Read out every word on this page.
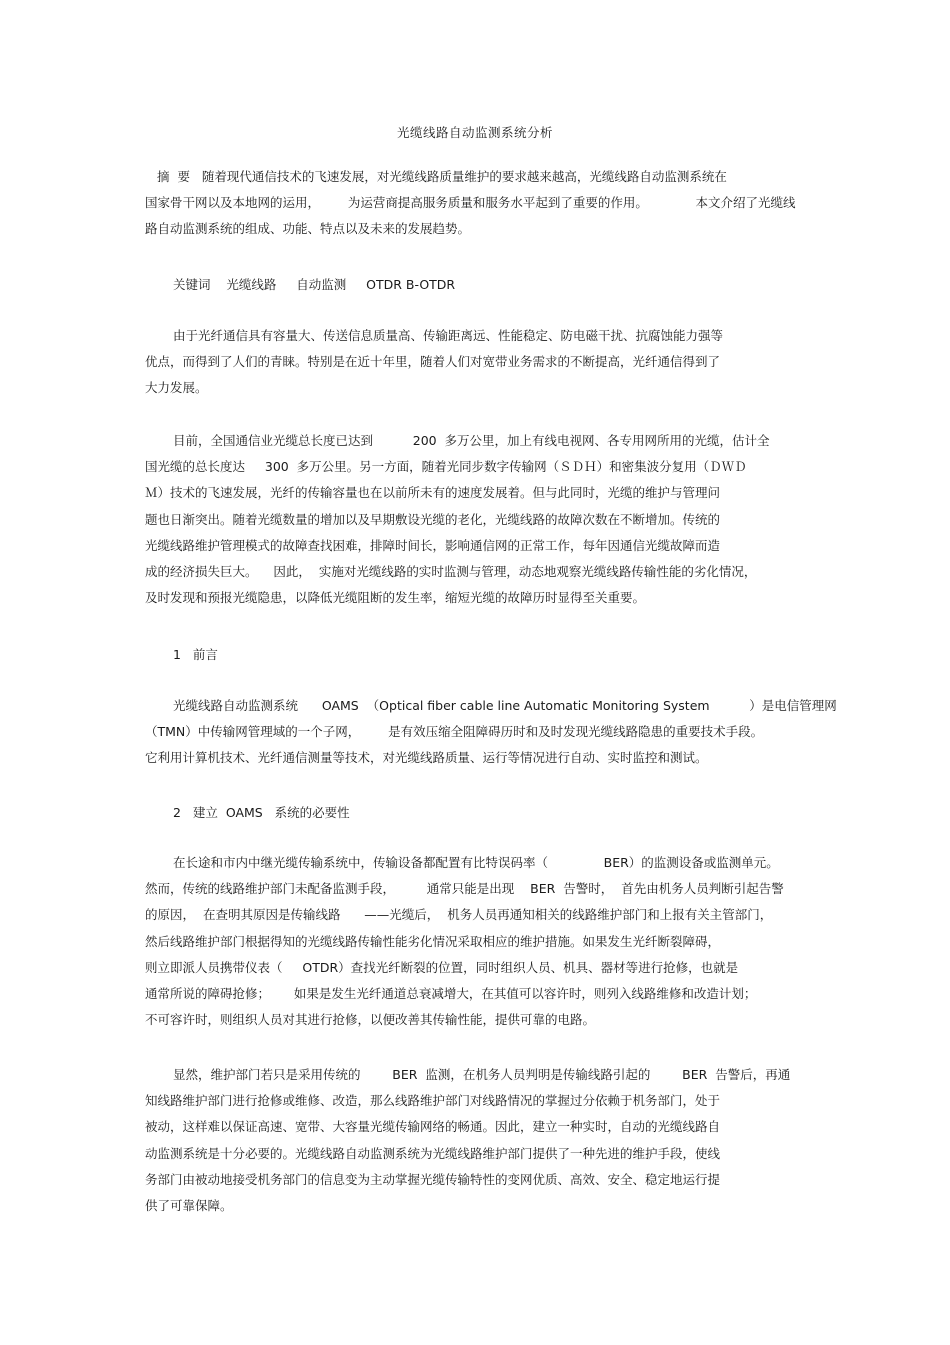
光缆线路自动监测系统分析

摘  要   随着现代通信技术的飞速发展，对光缆线路质量维护的要求越来越高，光缆线路自动监测系统在
国家骨干网以及本地网的运用，       为运营商提高服务质量和服务水平起到了重要的作用。            本文介绍了光缆线
路自动监测系统的组成、功能、特点以及未来的发展趋势。

关键词    光缆线路     自动监测     OTDR B-OTDR

由于光纤通信具有容量大、传送信息质量高、传输距离远、性能稳定、防电磁干扰、抗腐蚀能力强等
优点，而得到了人们的青睐。特别是在近十年里，随着人们对宽带业务需求的不断提高，光纤通信得到了
大力发展。

目前，全国通信业光缆总长度已达到          200  多万公里，加上有线电视网、各专用网所用的光缆，估计全
国光缆的总长度达     300  多万公里。另一方面，随着光同步数字传输网（ＳＤＨ）和密集波分复用（ＤＷＤ
Ｍ）技术的飞速发展，光纤的传输容量也在以前所未有的速度发展着。但与此同时，光缆的维护与管理问
题也日渐突出。随着光缆数量的增加以及早期敷设光缆的老化，光缆线路的故障次数在不断增加。传统的
光缆线路维护管理模式的故障查找困难，排障时间长，影响通信网的正常工作，每年因通信光缆故障而造
成的经济损失巨大。    因此，  实施对光缆线路的实时监测与管理，动态地观察光缆线路传输性能的劣化情况，
及时发现和预报光缆隐患，以降低光缆阻断的发生率，缩短光缆的故障历时显得至关重要。

1   前言

光缆线路自动监测系统      OAMS  （Optical fiber cable line Automatic Monitoring System          ）是电信管理网
（TMN）中传输网管理域的一个子网，       是有效压缩全阻障碍历时和及时发现光缆线路隐患的重要技术手段。
它利用计算机技术、光纤通信测量等技术，对光缆线路质量、运行等情况进行自动、实时监控和测试。

2   建立  OAMS   系统的必要性

在长途和市内中继光缆传输系统中，传输设备都配置有比特误码率（              BER）的监测设备或监测单元。
然而，传统的线路维护部门未配备监测手段，        通常只能是出现    BER  告警时，  首先由机务人员判断引起告警
的原因，  在查明其原因是传输线路      ——光缆后，  机务人员再通知相关的线路维护部门和上报有关主管部门，
然后线路维护部门根据得知的光缆线路传输性能劣化情况采取相应的维护措施。如果发生光纤断裂障碍，
则立即派人员携带仪表（     OTDR）查找光纤断裂的位置，同时组织人员、机具、器材等进行抢修，也就是
通常所说的障碍抢修；      如果是发生光纤通道总衰减增大，在其值可以容许时，则列入线路维修和改造计划；
不可容许时，则组织人员对其进行抢修，以便改善其传输性能，提供可靠的电路。

显然，维护部门若只是采用传统的        BER  监测，在机务人员判明是传输线路引起的        BER  告警后，再通
知线路维护部门进行抢修或维修、改造，那么线路维护部门对线路情况的掌握过分依赖于机务部门，处于
被动，这样难以保证高速、宽带、大容量光缆传输网络的畅通。因此，建立一种实时，自动的光缆线路自
动监测系统是十分必要的。光缆线路自动监测系统为光缆线路维护部门提供了一种先进的维护手段，使线
务部门由被动地接受机务部门的信息变为主动掌握光缆传输特性的变网优质、高效、安全、稳定地运行提
供了可靠保障。
